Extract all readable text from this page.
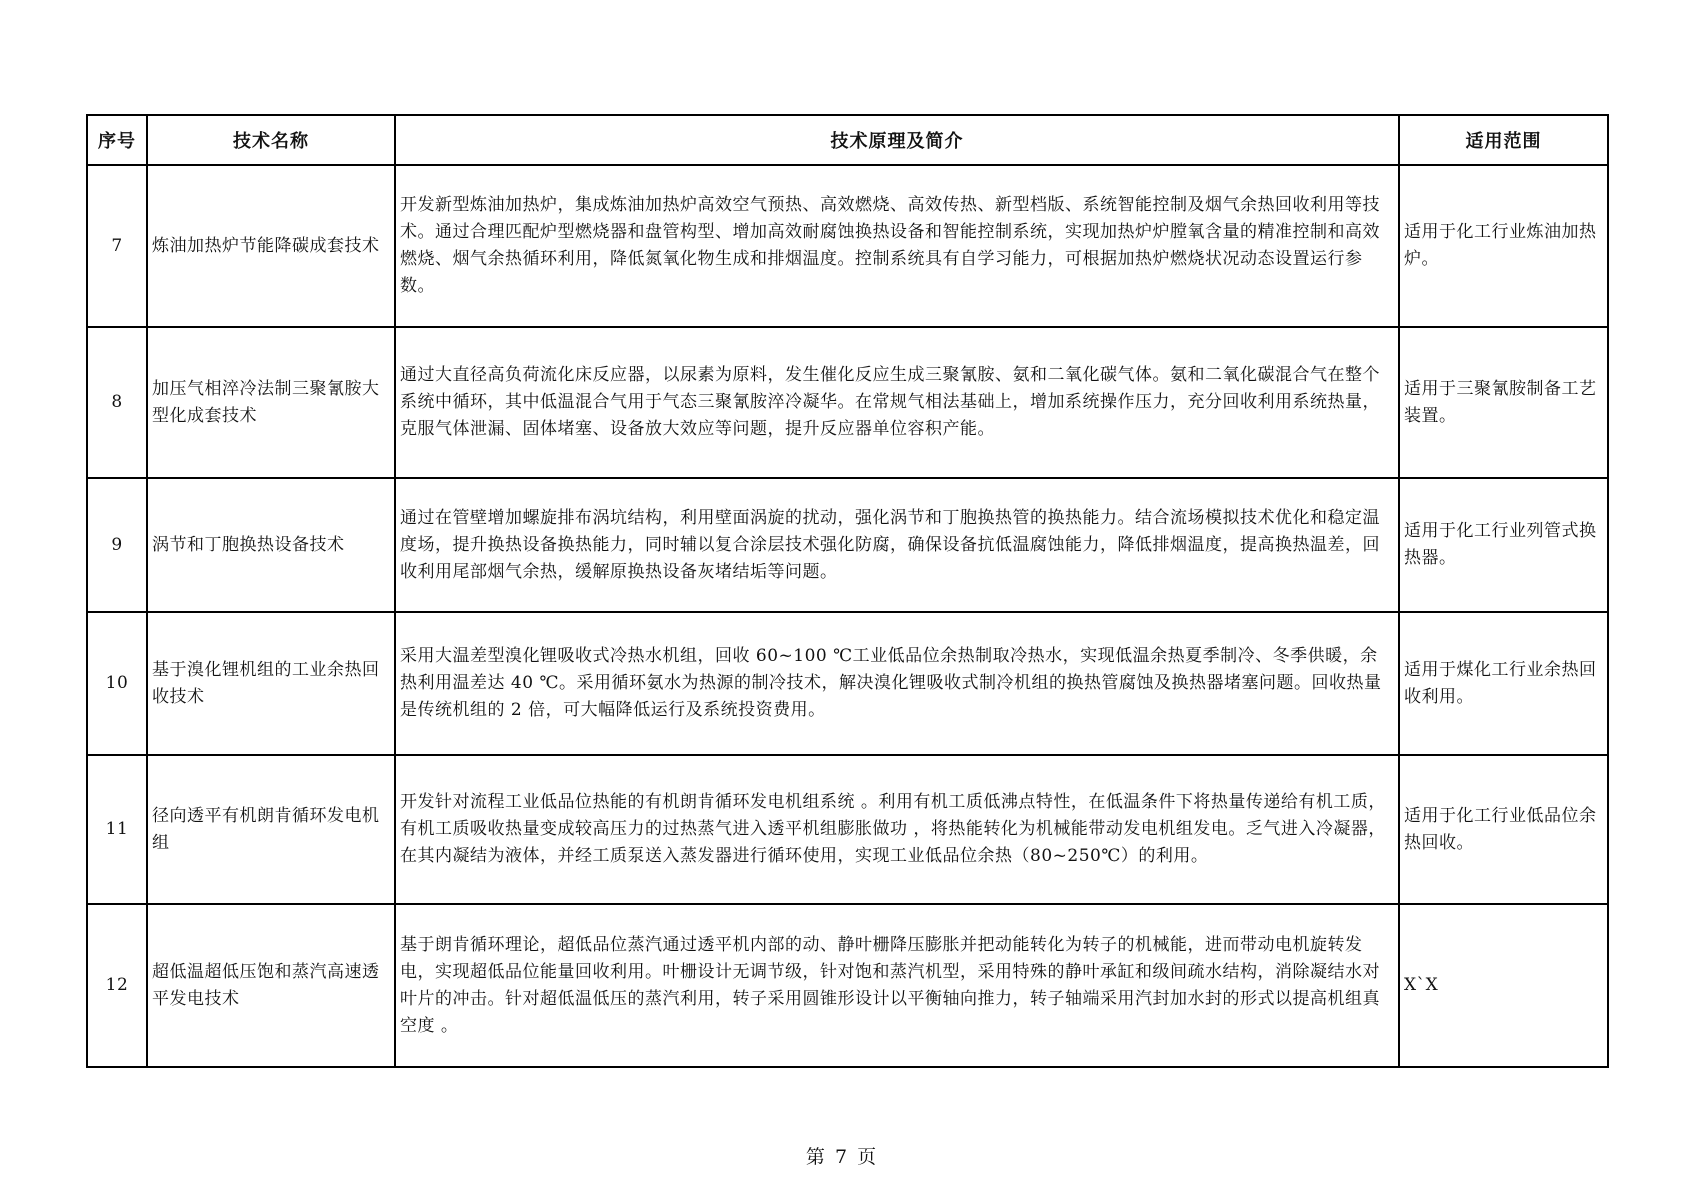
序号	技术名称	技术原理及简介	适用范围
7	炼油加热炉节能降碳成套技术	开发新型炼油加热炉，集成炼油加热炉高效空气预热、高效燃烧、高效传热、新型档版、系统智能控制及烟气余热回收利用等技术。通过合理匹配炉型燃烧器和盘管构型、增加高效耐腐蚀换热设备和智能控制系统，实现加热炉炉膛氧含量的精准控制和高效燃烧、烟气余热循环利用，降低氮氧化物生成和排烟温度。控制系统具有自学习能力，可根据加热炉燃烧状况动态设置运行参数。	适用于化工行业炼油加热炉。
8	加压气相淬冷法制三聚氰胺大型化成套技术	通过大直径高负荷流化床反应器，以尿素为原料，发生催化反应生成三聚氰胺、氨和二氧化碳气体。氨和二氧化碳混合气在整个系统中循环，其中低温混合气用于气态三聚氰胺淬冷凝华。在常规气相法基础上，增加系统操作压力，充分回收利用系统热量，克服气体泄漏、固体堵塞、设备放大效应等问题，提升反应器单位容积产能。	适用于三聚氰胺制备工艺装置。
9	涡节和丁胞换热设备技术	通过在管壁增加螺旋排布涡坑结构，利用壁面涡旋的扰动，强化涡节和丁胞换热管的换热能力。结合流场模拟技术优化和稳定温度场，提升换热设备换热能力，同时辅以复合涂层技术强化防腐，确保设备抗低温腐蚀能力，降低排烟温度，提高换热温差，回收利用尾部烟气余热，缓解原换热设备灰堵结垢等问题。	适用于化工行业列管式换热器。
10	基于溴化锂机组的工业余热回收技术	采用大温差型溴化锂吸收式冷热水机组，回收 60~100 ℃工业低品位余热制取冷热水，实现低温余热夏季制冷、冬季供暖，余热利用温差达 40 ℃。采用循环氨水为热源的制冷技术，解决溴化锂吸收式制冷机组的换热管腐蚀及换热器堵塞问题。回收热量是传统机组的 2 倍，可大幅降低运行及系统投资费用。	适用于煤化工行业余热回收利用。
11	径向透平有机朗肯循环发电机组	开发针对流程工业低品位热能的有机朗肯循环发电机组系统 。利用有机工质低沸点特性，在低温条件下将热量传递给有机工质，有机工质吸收热量变成较高压力的过热蒸气进入透平机组膨胀做功 ，将热能转化为机械能带动发电机组发电。乏气进入冷凝器，在其内凝结为液体，并经工质泵送入蒸发器进行循环使用，实现工业低品位余热（80~250℃）的利用。	适用于化工行业低品位余热回收。
12	超低温超低压饱和蒸汽高速透平发电技术	基于朗肯循环理论，超低品位蒸汽通过透平机内部的动、静叶栅降压膨胀并把动能转化为转子的机械能，进而带动电机旋转发电，实现超低品位能量回收利用。叶栅设计无调节级，针对饱和蒸汽机型，采用特殊的静叶承缸和级间疏水结构，消除凝结水对叶片的冲击。针对超低温低压的蒸汽利用，转子采用圆锥形设计以平衡轴向推力，转子轴端采用汽封加水封的形式以提高机组真空度 。	X`X
第 7 页
